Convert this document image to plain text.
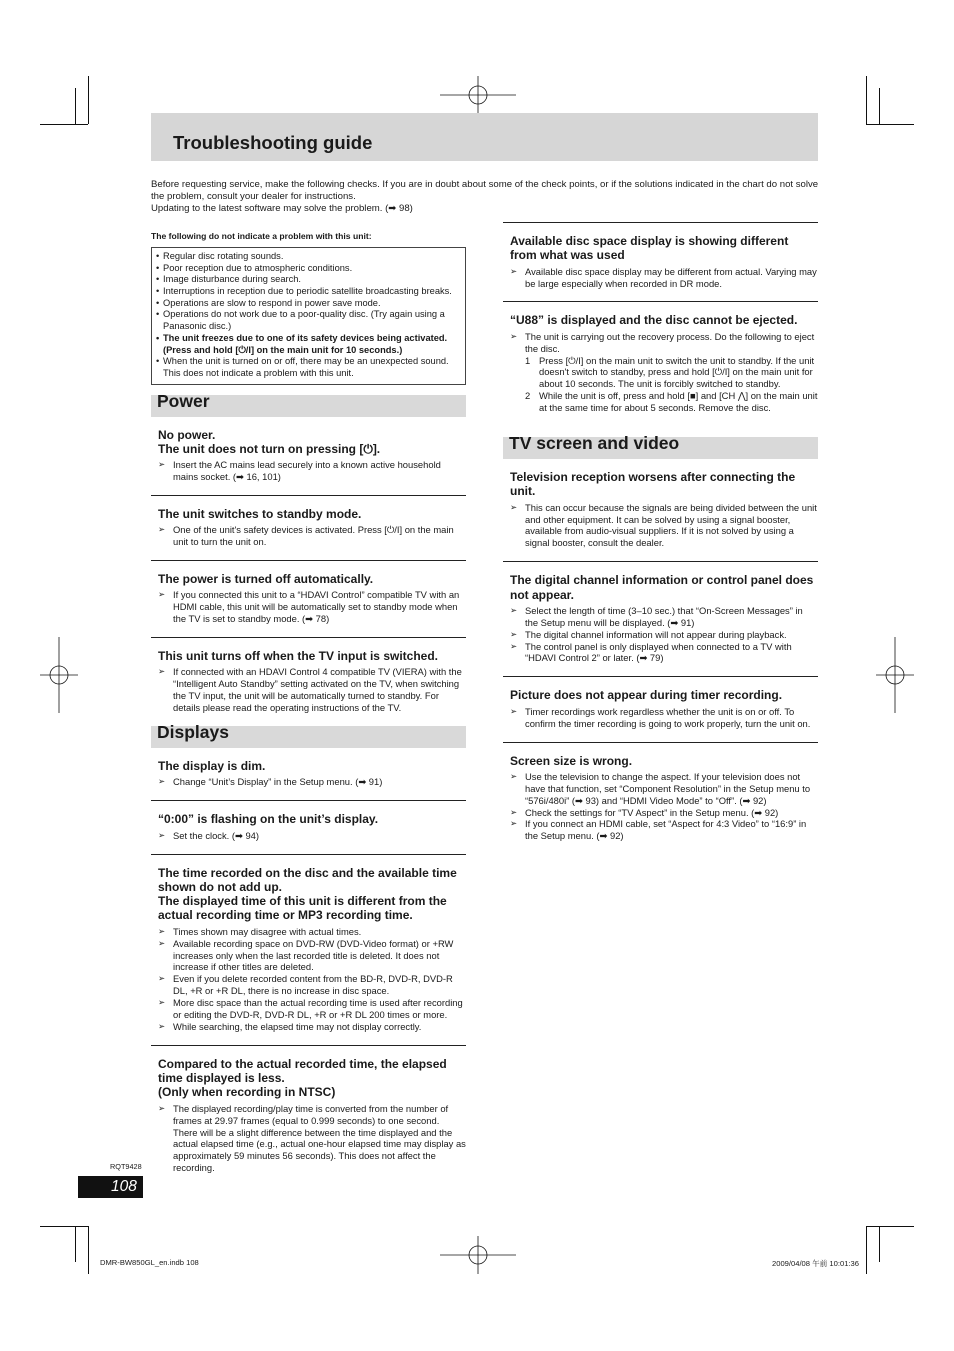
Troubleshooting guide

Before requesting service, make the following checks. If you are in doubt about some of the check points, or if the solutions indicated in the chart do not solve the problem, consult your dealer for instructions.

Updating to the latest software may solve the problem. (➡ 98)

The following do not indicate a problem with this unit:
• Regular disc rotating sounds.
• Poor reception due to atmospheric conditions.
• Image disturbance during search.
• Interruptions in reception due to periodic satellite broadcasting breaks.
• Operations are slow to respond in power save mode.
• Operations do not work due to a poor-quality disc. (Try again using a Panasonic disc.)
• The unit freezes due to one of its safety devices being activated. (Press and hold [⏻/I] on the main unit for 10 seconds.)
• When the unit is turned on or off, there may be an unexpected sound. This does not indicate a problem with this unit.
Power
No power.
The unit does not turn on pressing [⏻].
➢ Insert the AC mains lead securely into a known active household mains socket. (➡ 16, 101)
The unit switches to standby mode.
➢ One of the unit's safety devices is activated. Press [⏻/I] on the main unit to turn the unit on.
The power is turned off automatically.
➢ If you connected this unit to a “HDAVI Control” compatible TV with an HDMI cable, this unit will be automatically set to standby mode when the TV is set to standby mode. (➡ 78)
This unit turns off when the TV input is switched.
➢ If connected with an HDAVI Control 4 compatible TV (VIERA) with the “Intelligent Auto Standby” setting activated on the TV, when switching the TV input, the unit will be automatically turned to standby. For details please read the operating instructions of the TV.
Displays
The display is dim.
➢ Change “Unit’s Display” in the Setup menu. (➡ 91)
“0:00” is flashing on the unit’s display.
➢ Set the clock. (➡ 94)
The time recorded on the disc and the available time shown do not add up.
The displayed time of this unit is different from the actual recording time or MP3 recording time.
➢ Times shown may disagree with actual times.
➢ Available recording space on DVD-RW (DVD-Video format) or +RW increases only when the last recorded title is deleted. It does not increase if other titles are deleted.
➢ Even if you delete recorded content from the BD-R, DVD-R, DVD-R DL, +R or +R DL, there is no increase in disc space.
➢ More disc space than the actual recording time is used after recording or editing the DVD-R, DVD-R DL, +R or +R DL 200 times or more.
➢ While searching, the elapsed time may not display correctly.
Compared to the actual recorded time, the elapsed time displayed is less.
(Only when recording in NTSC)
➢ The displayed recording/play time is converted from the number of frames at 29.97 frames (equal to 0.999 seconds) to one second. There will be a slight difference between the time displayed and the actual elapsed time (e.g., actual one-hour elapsed time may display as approximately 59 minutes 56 seconds). This does not affect the recording.
Available disc space display is showing different from what was used
➢ Available disc space display may be different from actual. Varying may be large especially when recorded in DR mode.
“U88” is displayed and the disc cannot be ejected.
➢ The unit is carrying out the recovery process. Do the following to eject the disc.
1 Press [⏻/I] on the main unit to switch the unit to standby. If the unit doesn't switch to standby, press and hold [⏻/I] on the main unit for about 10 seconds. The unit is forcibly switched to standby.
2 While the unit is off, press and hold [■] and [CH ⋀] on the main unit at the same time for about 5 seconds. Remove the disc.
TV screen and video
Television reception worsens after connecting the unit.
➢ This can occur because the signals are being divided between the unit and other equipment. It can be solved by using a signal booster, available from audio-visual suppliers. If it is not solved by using a signal booster, consult the dealer.
The digital channel information or control panel does not appear.
➢ Select the length of time (3–10 sec.) that “On-Screen Messages” in the Setup menu will be displayed. (➡ 91)
➢ The digital channel information will not appear during playback.
➢ The control panel is only displayed when connected to a TV with “HDAVI Control 2” or later. (➡ 79)
Picture does not appear during timer recording.
➢ Timer recordings work regardless whether the unit is on or off. To confirm the timer recording is going to work properly, turn the unit on.
Screen size is wrong.
➢ Use the television to change the aspect. If your television does not have that function, set “Component Resolution” in the Setup menu to “576i/480i” (➡ 93) and “HDMI Video Mode” to “Off”. (➡ 92)
➢ Check the settings for “TV Aspect” in the Setup menu. (➡ 92)
➢ If you connect an HDMI cable, set “Aspect for 4:3 Video” to “16:9” in the Setup menu. (➡ 92)
RQT9428
108
DMR-BW850GL_en.indb 108	2009/04/08 午前 10:01:36
